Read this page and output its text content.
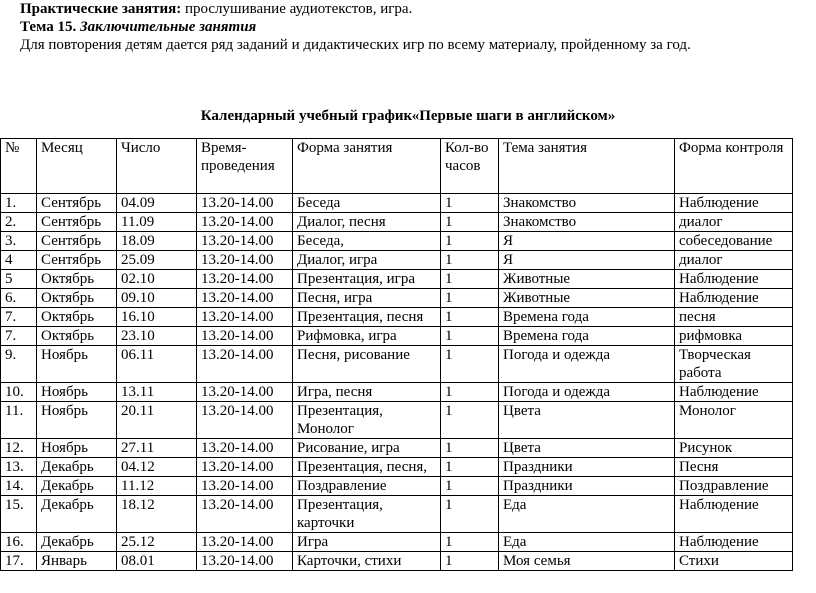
Практические занятия: прослушивание аудиотекстов, игра.

Тема 15. Заключительные занятия

Для повторения детям дается ряд заданий и дидактических игр по всему материалу, пройденному за год.

Календарный учебный график«Первые шаги в английском»
№	Месяц	Число	Время-проведения	Форма занятия	Кол-во часов	Тема занятия	Форма контроля
1.	Сентябрь	04.09	13.20-14.00	Беседа	1	Знакомство	Наблюдение
2.	Сентябрь	11.09	13.20-14.00	Диалог, песня	1	Знакомство	диалог
3.	Сентябрь	18.09	13.20-14.00	Беседа,	1	Я	собеседование
4	Сентябрь	25.09	13.20-14.00	Диалог, игра	1	Я	диалог
5	Октябрь	02.10	13.20-14.00	Презентация, игра	1	Животные	Наблюдение
6.	Октябрь	09.10	13.20-14.00	Песня, игра	1	Животные	Наблюдение
7.	Октябрь	16.10	13.20-14.00	Презентация, песня	1	Времена года	песня
7.	Октябрь	23.10	13.20-14.00	Рифмовка, игра	1	Времена года	рифмовка
9.	Ноябрь	06.11	13.20-14.00	Песня, рисование	1	Погода и одежда	Творческая работа
10.	Ноябрь	13.11	13.20-14.00	Игра, песня	1	Погода и одежда	Наблюдение
11.	Ноябрь	20.11	13.20-14.00	Презентация, Монолог	1	Цвета	Монолог
12.	Ноябрь	27.11	13.20-14.00	Рисование, игра	1	Цвета	Рисунок
13.	Декабрь	04.12	13.20-14.00	Презентация, песня,	1	Праздники	Песня
14.	Декабрь	11.12	13.20-14.00	Поздравление	1	Праздники	Поздравление
15.	Декабрь	18.12	13.20-14.00	Презентация, карточки	1	Еда	Наблюдение
16.	Декабрь	25.12	13.20-14.00	Игра	1	Еда	Наблюдение
17.	Январь	08.01	13.20-14.00	Карточки, стихи	1	Моя семья	Стихи
